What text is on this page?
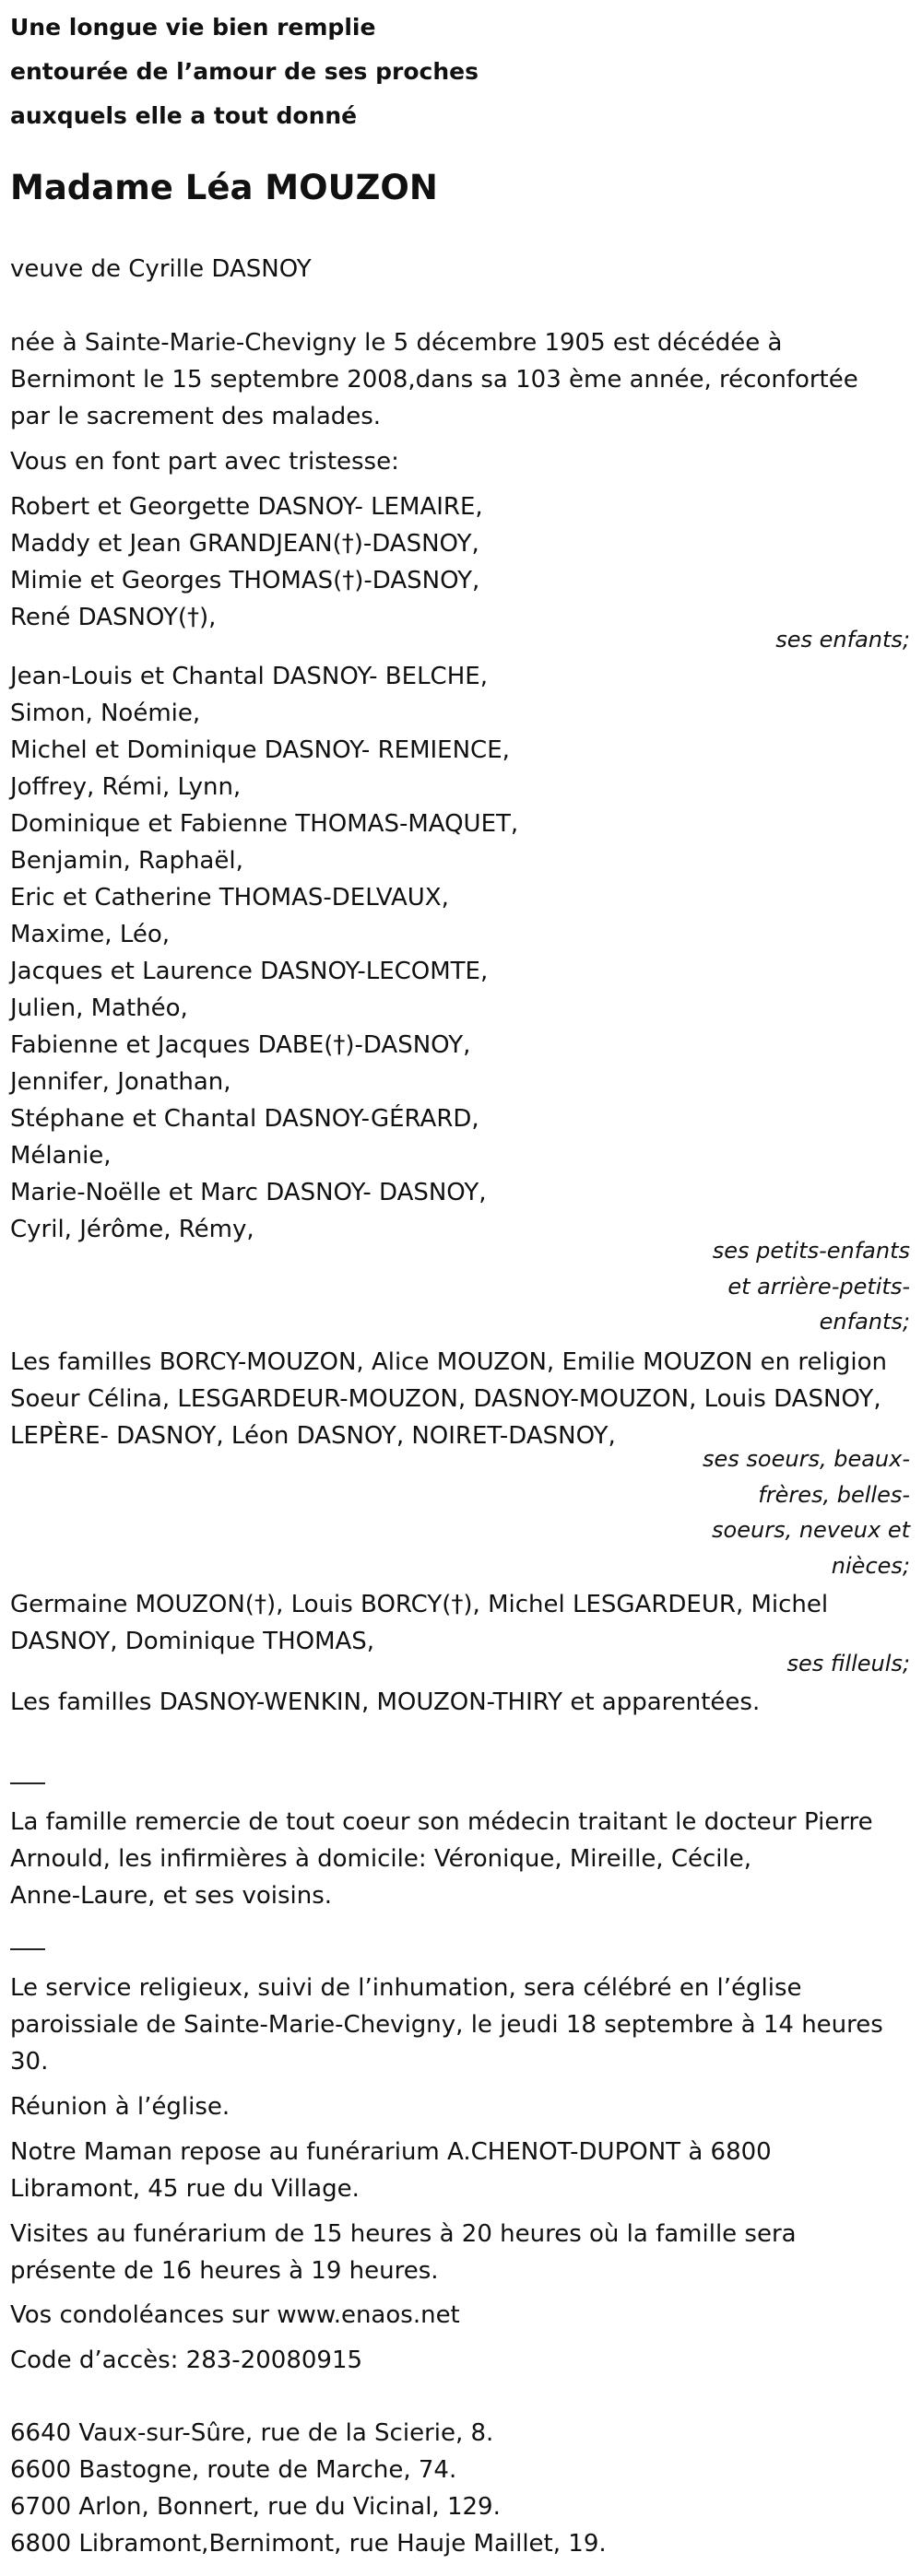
Une longue vie bien remplie
entourée de l’amour de ses proches
auxquels elle a tout donné
Madame Léa MOUZON
veuve de Cyrille DASNOY
née à Sainte-Marie-Chevigny le 5 décembre 1905 est décédée à
Bernimont le 15 septembre 2008,dans sa 103 ème année, réconfortée
par le sacrement des malades.
Vous en font part avec tristesse:
Robert et Georgette DASNOY- LEMAIRE,
Maddy et Jean GRANDJEAN(†)-DASNOY,
Mimie et Georges THOMAS(†)-DASNOY,
René DASNOY(†),
ses enfants;
Jean-Louis et Chantal DASNOY- BELCHE,
Simon, Noémie,
Michel et Dominique DASNOY- REMIENCE,
Joffrey, Rémi, Lynn,
Dominique et Fabienne THOMAS-MAQUET,
Benjamin, Raphaël,
Eric et Catherine THOMAS-DELVAUX,
Maxime, Léo,
Jacques et Laurence DASNOY-LECOMTE,
Julien, Mathéo,
Fabienne et Jacques DABE(†)-DASNOY,
Jennifer, Jonathan,
Stéphane et Chantal DASNOY-GÉRARD,
Mélanie,
Marie-Noëlle et Marc DASNOY- DASNOY,
Cyril, Jérôme, Rémy,
ses petits-enfants
et arrière-petits-
enfants;
Les familles BORCY-MOUZON, Alice MOUZON, Emilie MOUZON en religion
Soeur Célina, LESGARDEUR-MOUZON, DASNOY-MOUZON, Louis DASNOY,
LEPÈRE- DASNOY, Léon DASNOY, NOIRET-DASNOY,
ses soeurs, beaux-
frères, belles-
soeurs, neveux et
nièces;
Germaine MOUZON(†), Louis BORCY(†), Michel LESGARDEUR, Michel
DASNOY, Dominique THOMAS,
ses filleuls;
Les familles DASNOY-WENKIN, MOUZON-THIRY et apparentées.
La famille remercie de tout coeur son médecin traitant le docteur Pierre
Arnould, les infirmières à domicile: Véronique, Mireille, Cécile,
Anne-Laure, et ses voisins.
Le service religieux, suivi de l’inhumation, sera célébré en l’église
paroissiale de Sainte-Marie-Chevigny, le jeudi 18 septembre à 14 heures
30.
Réunion à l’église.
Notre Maman repose au funérarium A.CHENOT-DUPONT à 6800
Libramont, 45 rue du Village.
Visites au funérarium de 15 heures à 20 heures où la famille sera
présente de 16 heures à 19 heures.
Vos condoléances sur www.enaos.net
Code d’accès: 283-20080915
6640 Vaux-sur-Sûre, rue de la Scierie, 8.
6600 Bastogne, route de Marche, 74.
6700 Arlon, Bonnert, rue du Vicinal, 129.
6800 Libramont,Bernimont, rue Hauje Maillet, 19.
